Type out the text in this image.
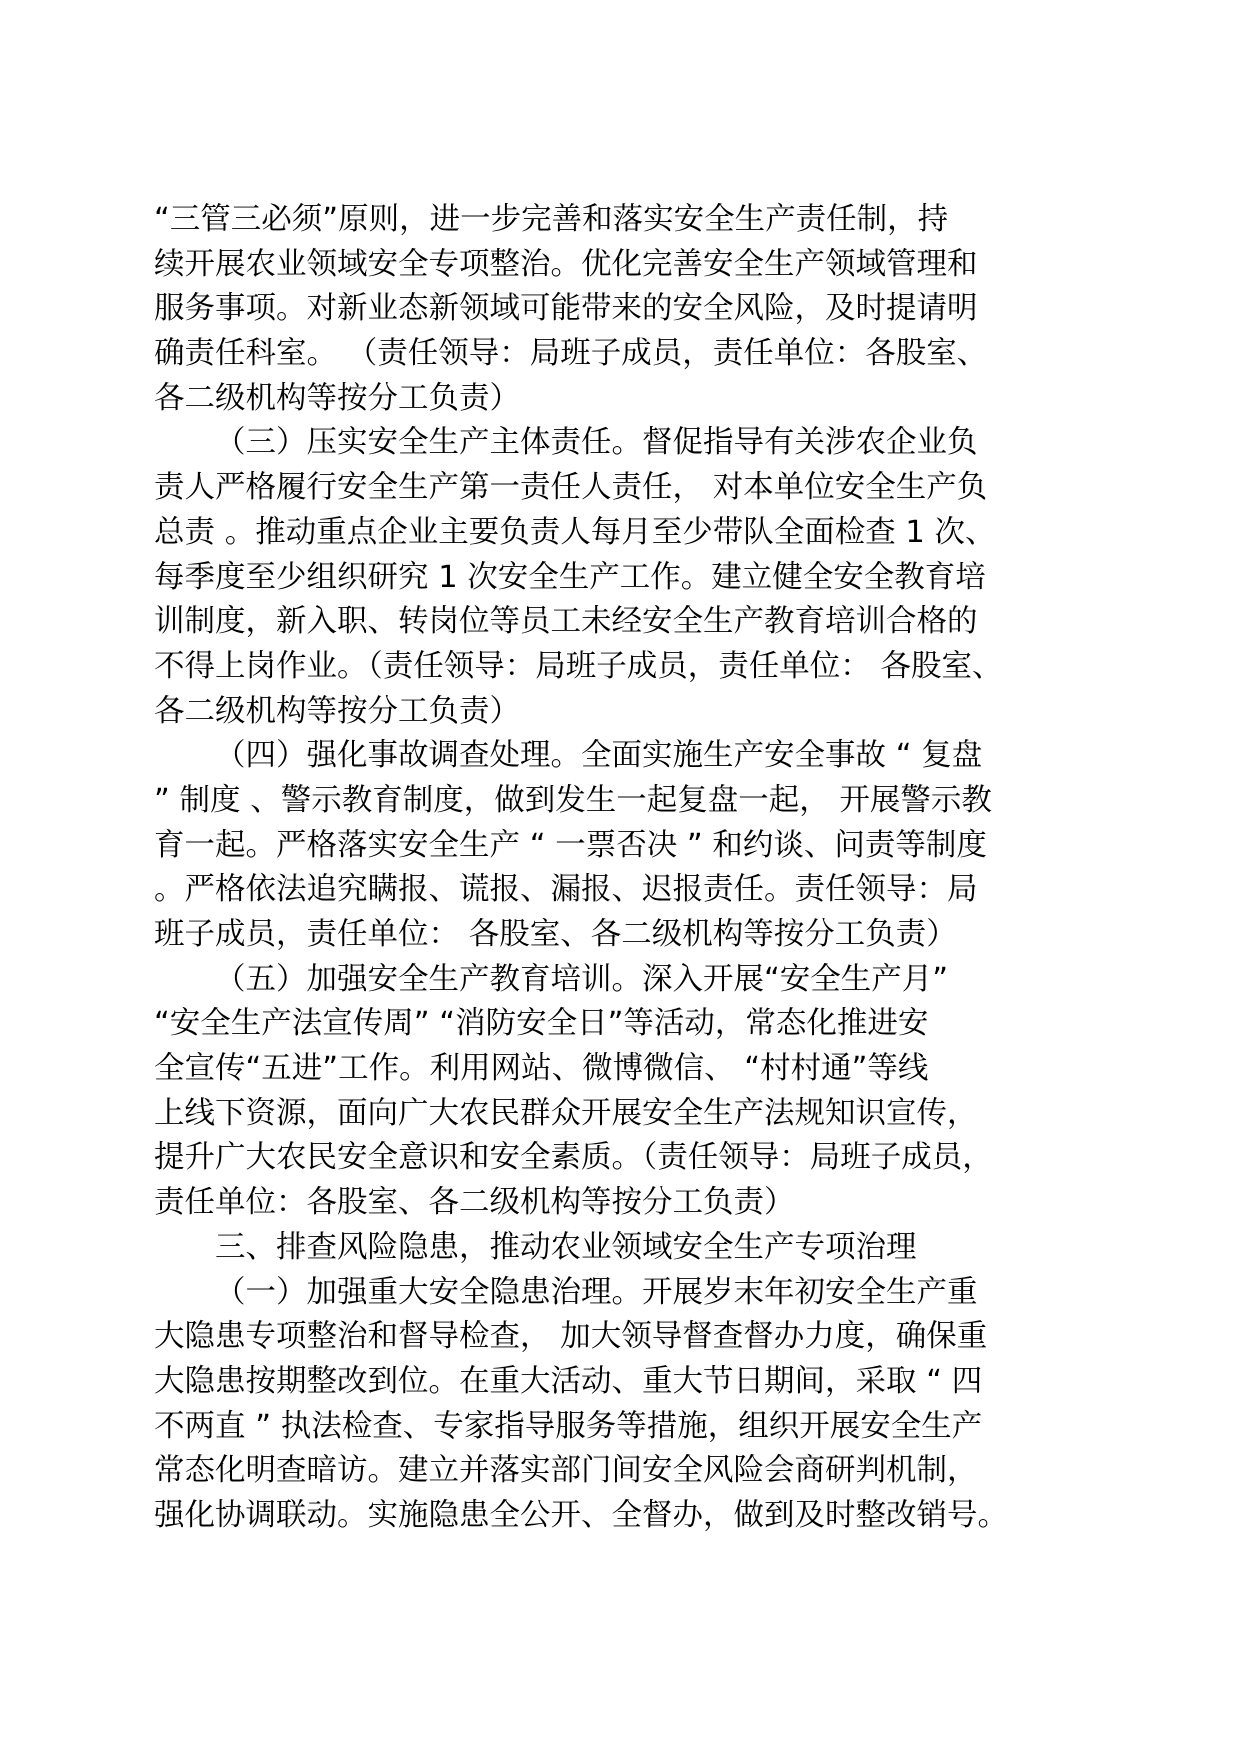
“三管三必须”原则，进一步完善和落实安全生产责任制，持
续开展农业领域安全专项整治。优化完善安全生产领域管理和
服务事项。对新业态新领域可能带来的安全风险，及时提请明
确责任科室。 （责任领导：局班子成员，责任单位：各股室、
各二级机构等按分工负责）
（三）压实安全生产主体责任。督促指导有关涉农企业负
责人严格履行安全生产第一责任人责任， 对本单位安全生产负
总责 。推动重点企业主要负责人每月至少带队全面检查 1 次、
每季度至少组织研究 1 次安全生产工作。建立健全安全教育培
训制度，新入职、转岗位等员工未经安全生产教育培训合格的
不得上岗作业。（责任领导：局班子成员，责任单位： 各股室、
各二级机构等按分工负责）
（四）强化事故调查处理。全面实施生产安全事故 “ 复盘
” 制度 、警示教育制度，做到发生一起复盘一起， 开展警示教
育一起。严格落实安全生产 “ 一票否决 ” 和约谈、问责等制度
。严格依法追究瞒报、谎报、漏报、迟报责任。责任领导：局
班子成员，责任单位： 各股室、各二级机构等按分工负责）
（五）加强安全生产教育培训。深入开展“安全生产月”
“安全生产法宣传周” “消防安全日”等活动，常态化推进安
全宣传“五进”工作。利用网站、微博微信、 “村村通”等线
上线下资源，面向广大农民群众开展安全生产法规知识宣传，
提升广大农民安全意识和安全素质。（责任领导：局班子成员，
责任单位：各股室、各二级机构等按分工负责）
三、排查风险隐患，推动农业领域安全生产专项治理
（一）加强重大安全隐患治理。开展岁末年初安全生产重
大隐患专项整治和督导检查， 加大领导督查督办力度，确保重
大隐患按期整改到位。在重大活动、重大节日期间，采取 “ 四
不两直 ” 执法检查、专家指导服务等措施，组织开展安全生产
常态化明查暗访。建立并落实部门间安全风险会商研判机制，
强化协调联动。实施隐患全公开、全督办，做到及时整改销号。
